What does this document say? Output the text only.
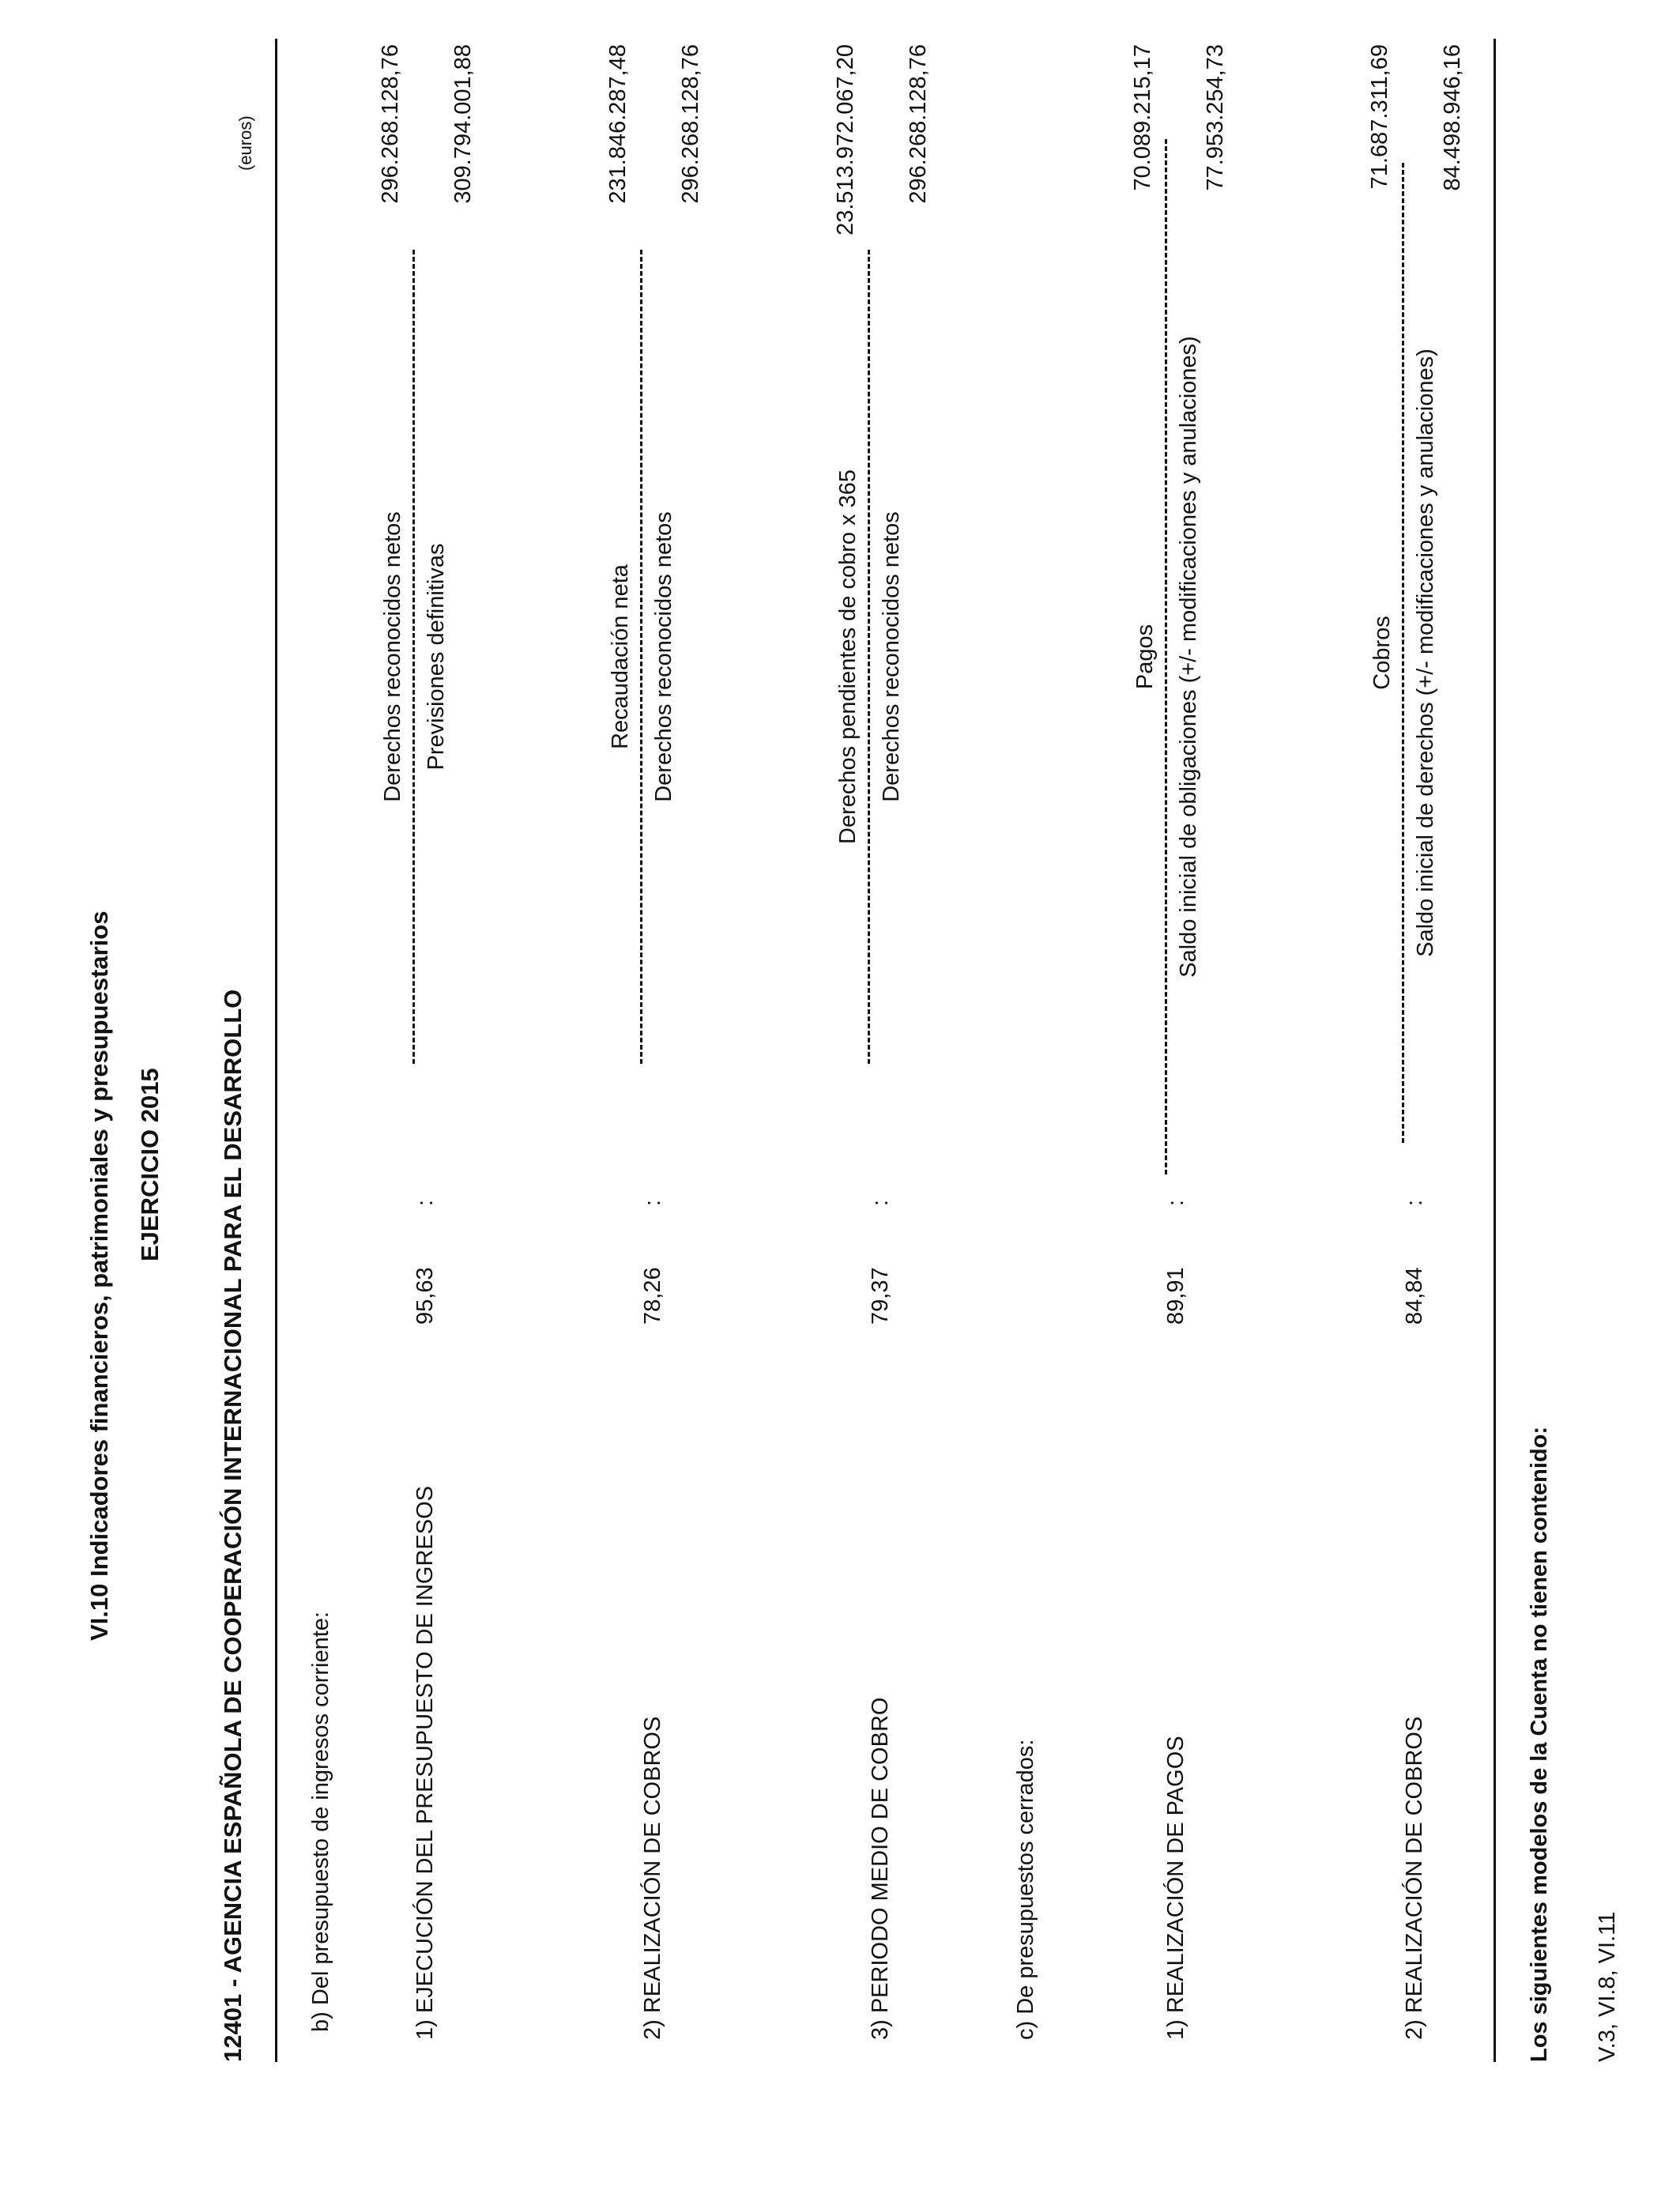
VI.10 Indicadores financieros, patrimoniales y presupuestarios EJERCICIO 2015 12401 - AGENCIA ESPAÑOLA DE COOPERACIÓN INTERNACIONAL PARA EL DESARROLLO
(euros)
b) Del presupuesto de ingresos corriente:	1) EJECUCIÓN DEL PRESUPUESTO DE INGRESOS
95,63
:
Derechos reconocidos netos Previsiones definitivas
296.268.128,76 309.794.001,88
2) REALIZACIÓN DE COBROS
78,26
:
Recaudación neta Derechos reconocidos netos
231.846.287,48 296.268.128,76
3) PERIODO MEDIO DE COBRO
79,37
:
Derechos pendientes de cobro x 365 Derechos reconocidos netos
23.513.972.067,20 296.268.128,76
c) De presupuestos cerrados:	1) REALIZACIÓN DE PAGOS
89,91
:
Pagos Saldo inicial de obligaciones (+/- modificaciones y anulaciones)
70.089.215,17 77.953.254,73
2) REALIZACIÓN DE COBROS
84,84
:
Cobros Saldo inicial de derechos (+/- modificaciones y anulaciones)
71.687.311,69 84.498.946,16
Los siguientes modelos de la Cuenta no tienen contenido: V.3, VI.8, VI.11
